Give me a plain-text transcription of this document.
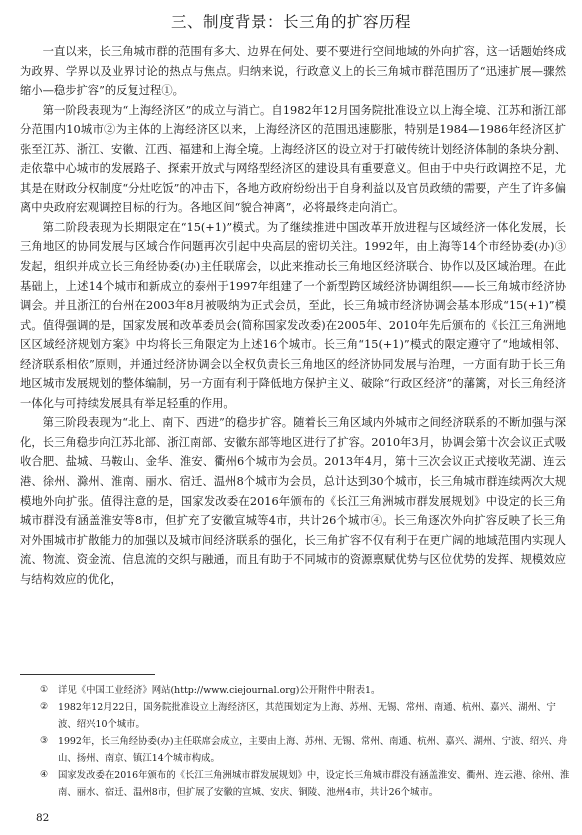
三、制度背景：长三角的扩容历程

一直以来，长三角城市群的范围有多大、边界在何处、要不要进行空间地域的外向扩容，这一话题始终成为政界、学界以及业界讨论的热点与焦点。归纳来说，行政意义上的长三角城市群范围历了“迅速扩展—骤然缩小—稳步扩容”的反复过程①。

第一阶段表现为“上海经济区”的成立与消亡。自1982年12月国务院批准设立以上海全境、江苏和浙江部分范围内10城市②为主体的上海经济区以来，上海经济区的范围迅速膨胀，特别是1984—1986年经济区扩张至江苏、浙江、安徽、江西、福建和上海全境。上海经济区的设立对于打破传统计划经济体制的条块分割、走依靠中心城市的发展路子、探索开放式与网络型经济区的建设具有重要意义。但由于中央行政调控不足，尤其是在财政分权制度“分灶吃饭”的冲击下，各地方政府纷纷出于自身利益以及官员政绩的需要，产生了许多偏离中央政府宏观调控目标的行为。各地区间“貌合神离”，必将最终走向消亡。

第二阶段表现为长期限定在“15(+1)”模式。为了继续推进中国改革开放进程与区域经济一体化发展，长三角地区的协同发展与区域合作问题再次引起中央高层的密切关注。1992年，由上海等14个市经协委(办)③发起，组织并成立长三角经协委(办)主任联席会，以此来推动长三角地区经济联合、协作以及区域治理。在此基础上，上述14个城市和新成立的泰州于1997年组建了一个新型跨区域经济协调组织——长三角城市经济协调会。并且浙江的台州在2003年8月被吸纳为正式会员，至此，长三角城市经济协调会基本形成“15(+1)”模式。值得强调的是，国家发展和改革委员会(简称国家发改委)在2005年、2010年先后颁布的《长江三角洲地区区域经济规划方案》中均将长三角限定为上述16个城市。长三角“15(+1)”模式的限定遵守了“地域相邻、经济联系相依”原则，并通过经济协调会以全权负责长三角地区的经济协同发展与治理，一方面有助于长三角地区城市发展规划的整体编制，另一方面有利于降低地方保护主义、破除“行政区经济”的藩篱，对长三角经济一体化与可持续发展具有举足轻重的作用。

第三阶段表现为“北上、南下、西进”的稳步扩容。随着长三角区域内外城市之间经济联系的不断加强与深化，长三角稳步向江苏北部、浙江南部、安徽东部等地区进行了扩容。2010年3月，协调会第十次会议正式吸收合肥、盐城、马鞍山、金华、淮安、衢州6个城市为会员。2013年4月，第十三次会议正式接收芜湖、连云港、徐州、滁州、淮南、丽水、宿迁、温州8个城市为会员，总计达到30个城市，长三角城市群连续两次大规模地外向扩张。值得注意的是，国家发改委在2016年颁布的《长江三角洲城市群发展规划》中设定的长三角城市群没有涵盖淮安等8市，但扩充了安徽宣城等4市，共计26个城市④。长三角逐次外向扩容反映了长三角对外围城市扩散能力的加强以及城市间经济联系的强化，长三角扩容不仅有利于在更广阔的地域范围内实现人流、物流、资金流、信息流的交织与融通，而且有助于不同城市的资源禀赋优势与区位优势的发挥、规模效应与结构效应的优化，

①	详见《中国工业经济》网站(http://www.ciejournal.org)公开附件中附表1。
②	1982年12月22日，国务院批准设立上海经济区，其范围划定为上海、苏州、无锡、常州、南通、杭州、嘉兴、湖州、宁波、绍兴10个城市。
③	1992年，长三角经协委(办)主任联席会成立，主要由上海、苏州、无锡、常州、南通、杭州、嘉兴、湖州、宁波、绍兴、舟山、扬州、南京、镇江14个城市构成。
④	国家发改委在2016年颁布的《长江三角洲城市群发展规划》中，设定长三角城市群没有涵盖淮安、衢州、连云港、徐州、淮南、丽水、宿迁、温州8市，但扩展了安徽的宣城、安庆、铜陵、池州4市，共计26个城市。
82
